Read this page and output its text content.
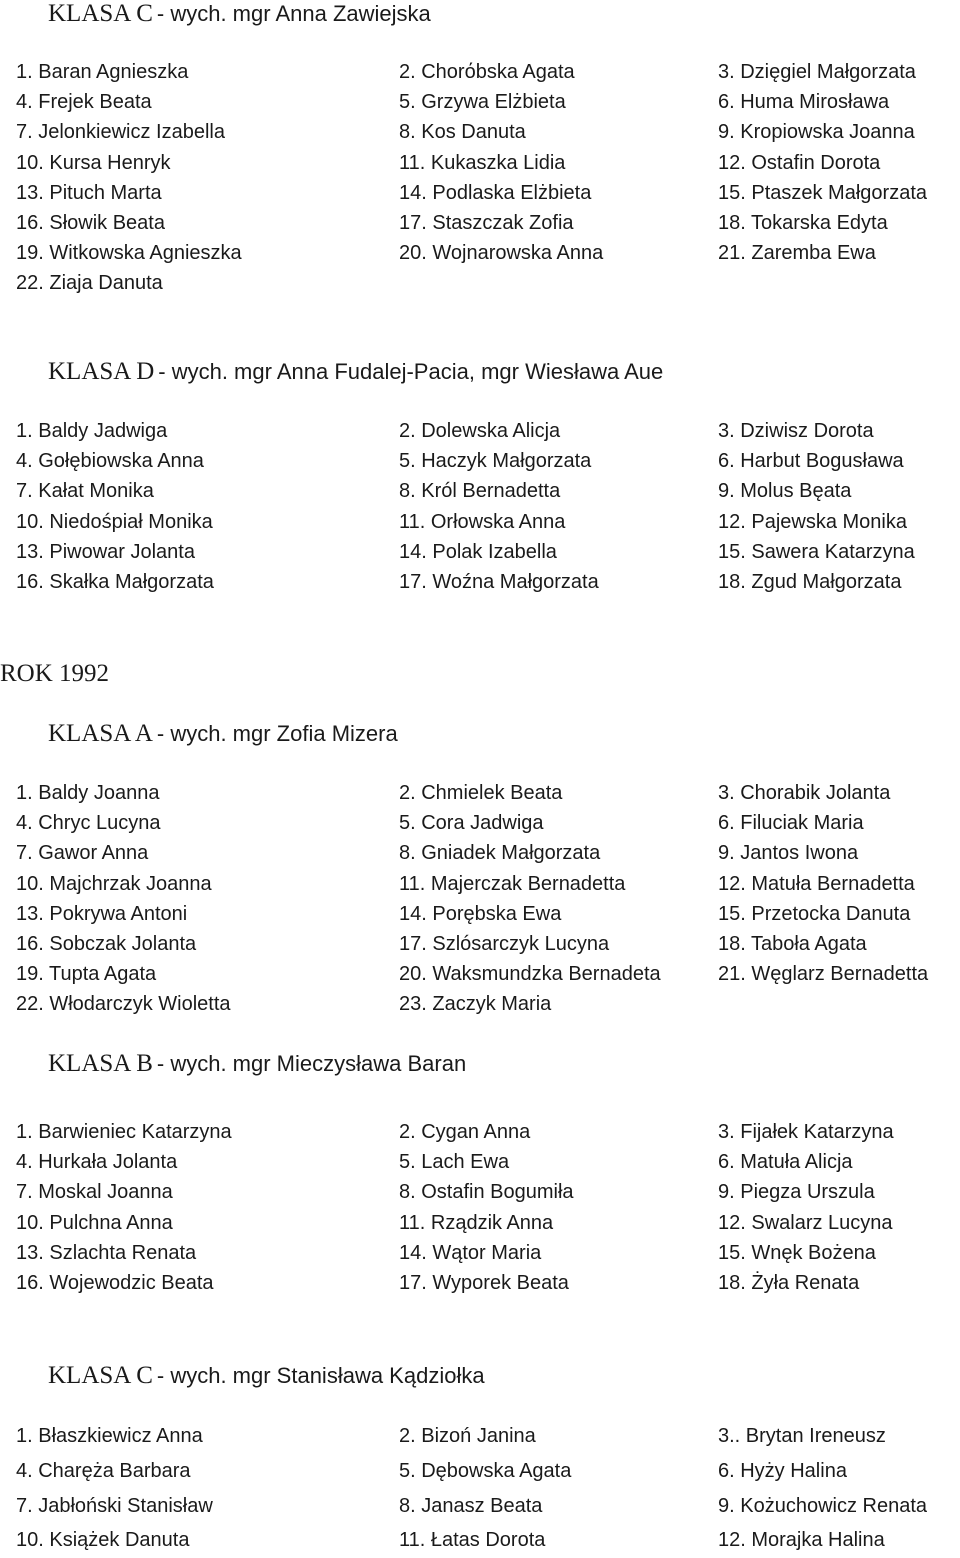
KLASA C - wych. mgr Anna Zawiejska
1. Baran Agnieszka	2. Chorόbska Agata	3. Dzięgiel Małgorzata
4. Frejek Beata	5. Grzywa Elżbieta	6. Huma Mirosława
7. Jelonkiewicz Izabella	8. Kos Danuta	9. Kropiowska Joanna
10. Kursa Henryk	11. Kukaszka Lidia	12. Ostafin Dorota
13. Pituch Marta	14. Podlaska Elżbieta	15. Ptaszek Małgorzata
16. Słowik Beata	17. Staszczak Zofia	18. Tokarska Edyta
19. Witkowska Agnieszka	20. Wojnarowska Anna	21. Zaremba Ewa
22. Ziaja Danuta
KLASA D - wych. mgr Anna Fudalej-Pacia, mgr Wiesława Aue
1. Baldy Jadwiga	2. Dolewska Alicja	3. Dziwisz Dorota
4. Gołębiowska Anna	5. Haczyk Małgorzata	6. Harbut Bogusława
7. Kałat Monika	8. Król Bernadetta	9. Molus Bęata
10. Niedośpiał Monika	11. Orłowska Anna	12. Pajewska Monika
13. Piwowar Jolanta	14. Polak Izabella	15. Sawera Katarzyna
16. Skałka Małgorzata	17. Woźna Małgorzata	18. Zgud Małgorzata
ROK 1992
KLASA A - wych. mgr Zofia Mizera
1. Baldy Joanna	2. Chmielek Beata	3. Chorabik Jolanta
4. Chryc Lucyna	5. Cora Jadwiga	6. Filuciak Maria
7. Gawor Anna	8. Gniadek Małgorzata	9. Jantos Iwona
10. Majchrzak Joanna	11. Majerczak Bernadetta	12. Matuła Bernadetta
13. Pokrywa Antoni	14. Porębska Ewa	15. Przetocka Danuta
16. Sobczak Jolanta	17. Szlósarczyk Lucyna	18. Taboła Agata
19. Tupta Agata	20. Waksmundzka Bernadeta	21. Węglarz Bernadetta
22. Włodarczyk Wioletta	23. Zaczyk Maria
KLASA B - wych. mgr Mieczysława Baran
1. Barwieniec Katarzyna	2. Cygan Anna	3. Fijałek Katarzyna
4. Hurkała Jolanta	5. Lach Ewa	6. Matuła Alicja
7. Moskal Joanna	8. Ostafin Bogumiła	9. Piegza Urszula
10. Pulchna Anna	11. Rządzik Anna	12. Swalarz Lucyna
13. Szlachta Renata	14. Wątor Maria	15. Wnęk Bożena
16. Wojewodzic Beata	17. Wyporek Beata	18. Żyła Renata
KLASA C - wych. mgr Stanisława Kądziołka
1. Błaszkiewicz Anna	2. Bizoń Janina	3.. Brytan Ireneusz
4. Charęża Barbara	5. Dębowska Agata	6. Hyży Halina
7. Jabłoński Stanisław	8. Janasz Beata	9. Kożuchowicz Renata
10. Książek Danuta	11. Łatas Dorota	12. Morajka Halina
